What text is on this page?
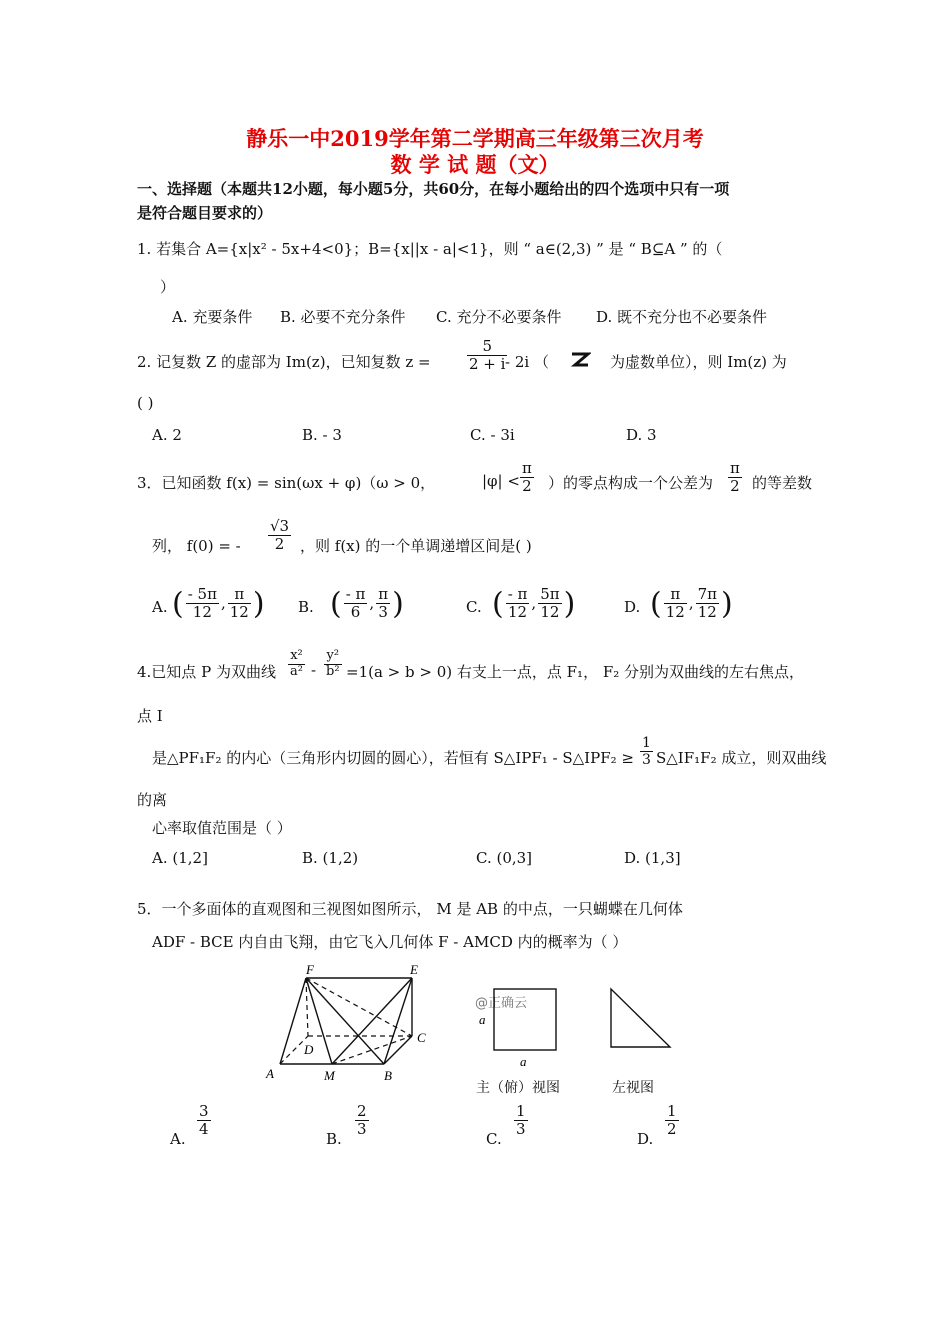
静乐一中2019学年第二学期高三年级第三次月考
数 学 试 题（文）
一、选择题（本题共12小题，每小题5分，共60分，在每小题给出的四个选项中只有一项
是符合题目要求的）
1. 若集合 A={x|x² - 5x+4<0}；B={x||x - a|<1}，则 “ a∈(2,3) ” 是 “ B⊆A ” 的（
）
A. 充要条件 B. 必要不充分条件 C. 充分不必要条件 D. 既不充分也不必要条件
2. 记复数 Z 的虚部为 Im(z)，已知复数 $z = \frac{5}{2 + i}$
- 2i （	为虚数单位），则 Im(z) 为
( )
A. 2	B. - 3	C. - 3i	D. 3
3．已知函数 f(x) = sin(ωx + φ)（ω > 0，	$|\varphi| < \frac{\pi}{2}$ ）的零点构成一个公差为 $\frac{\pi}{2}$ 的等差数
列， f(0) = - $\frac{√3}{2}$ ，则 f(x) 的一个单调递增区间是( )
A. ( $\frac{- 5\pi}{12}$ , $\frac{\pi}{12}$ ) B. ( $\frac{- \pi}{6}$ , $\frac{\pi}{3}$ )	C. ( $\frac{- \pi}{12}$ , $\frac{5\pi}{12}$ )	D. ( $\frac{\pi}{12}$ , $\frac{7\pi}{12}$ )
4.已知点 P 为双曲线 $\frac{\text{x²}}{\text{a²}} - \frac{\text{y²}}{\text{b²}} =1(a > b > 0)$ 右支上一点，点 F₁， F₂ 分别为双曲线的左右焦点，
点 I
是△PF₁F₂ 的内心（三角形内切圆的圆心），若恒有 S△IPF₁ - S△IPF₂ ≥ $\frac{1}{3}$ S△IF₁F₂ 成立，则双曲线
的离
心率取值范围是（ ）
A. (1,2]	B. (1,2)	C. (0,3]	D. (1,3]
5．一个多面体的直观图和三视图如图所示， M 是 AB 的中点，一只蝴蝶在几何体
ADF - BCE 内自由飞翔，由它飞入几何体 F - AMCD 内的概率为（ ）
F	E
D
C
A	M	B
@正确云
a
a
主（俯）视图	左视图
A.
$\frac{3}{4}$
B.
$\frac{2}{3}$
C.
$\frac{1}{3}$
D.
$\frac{1}{2}$
